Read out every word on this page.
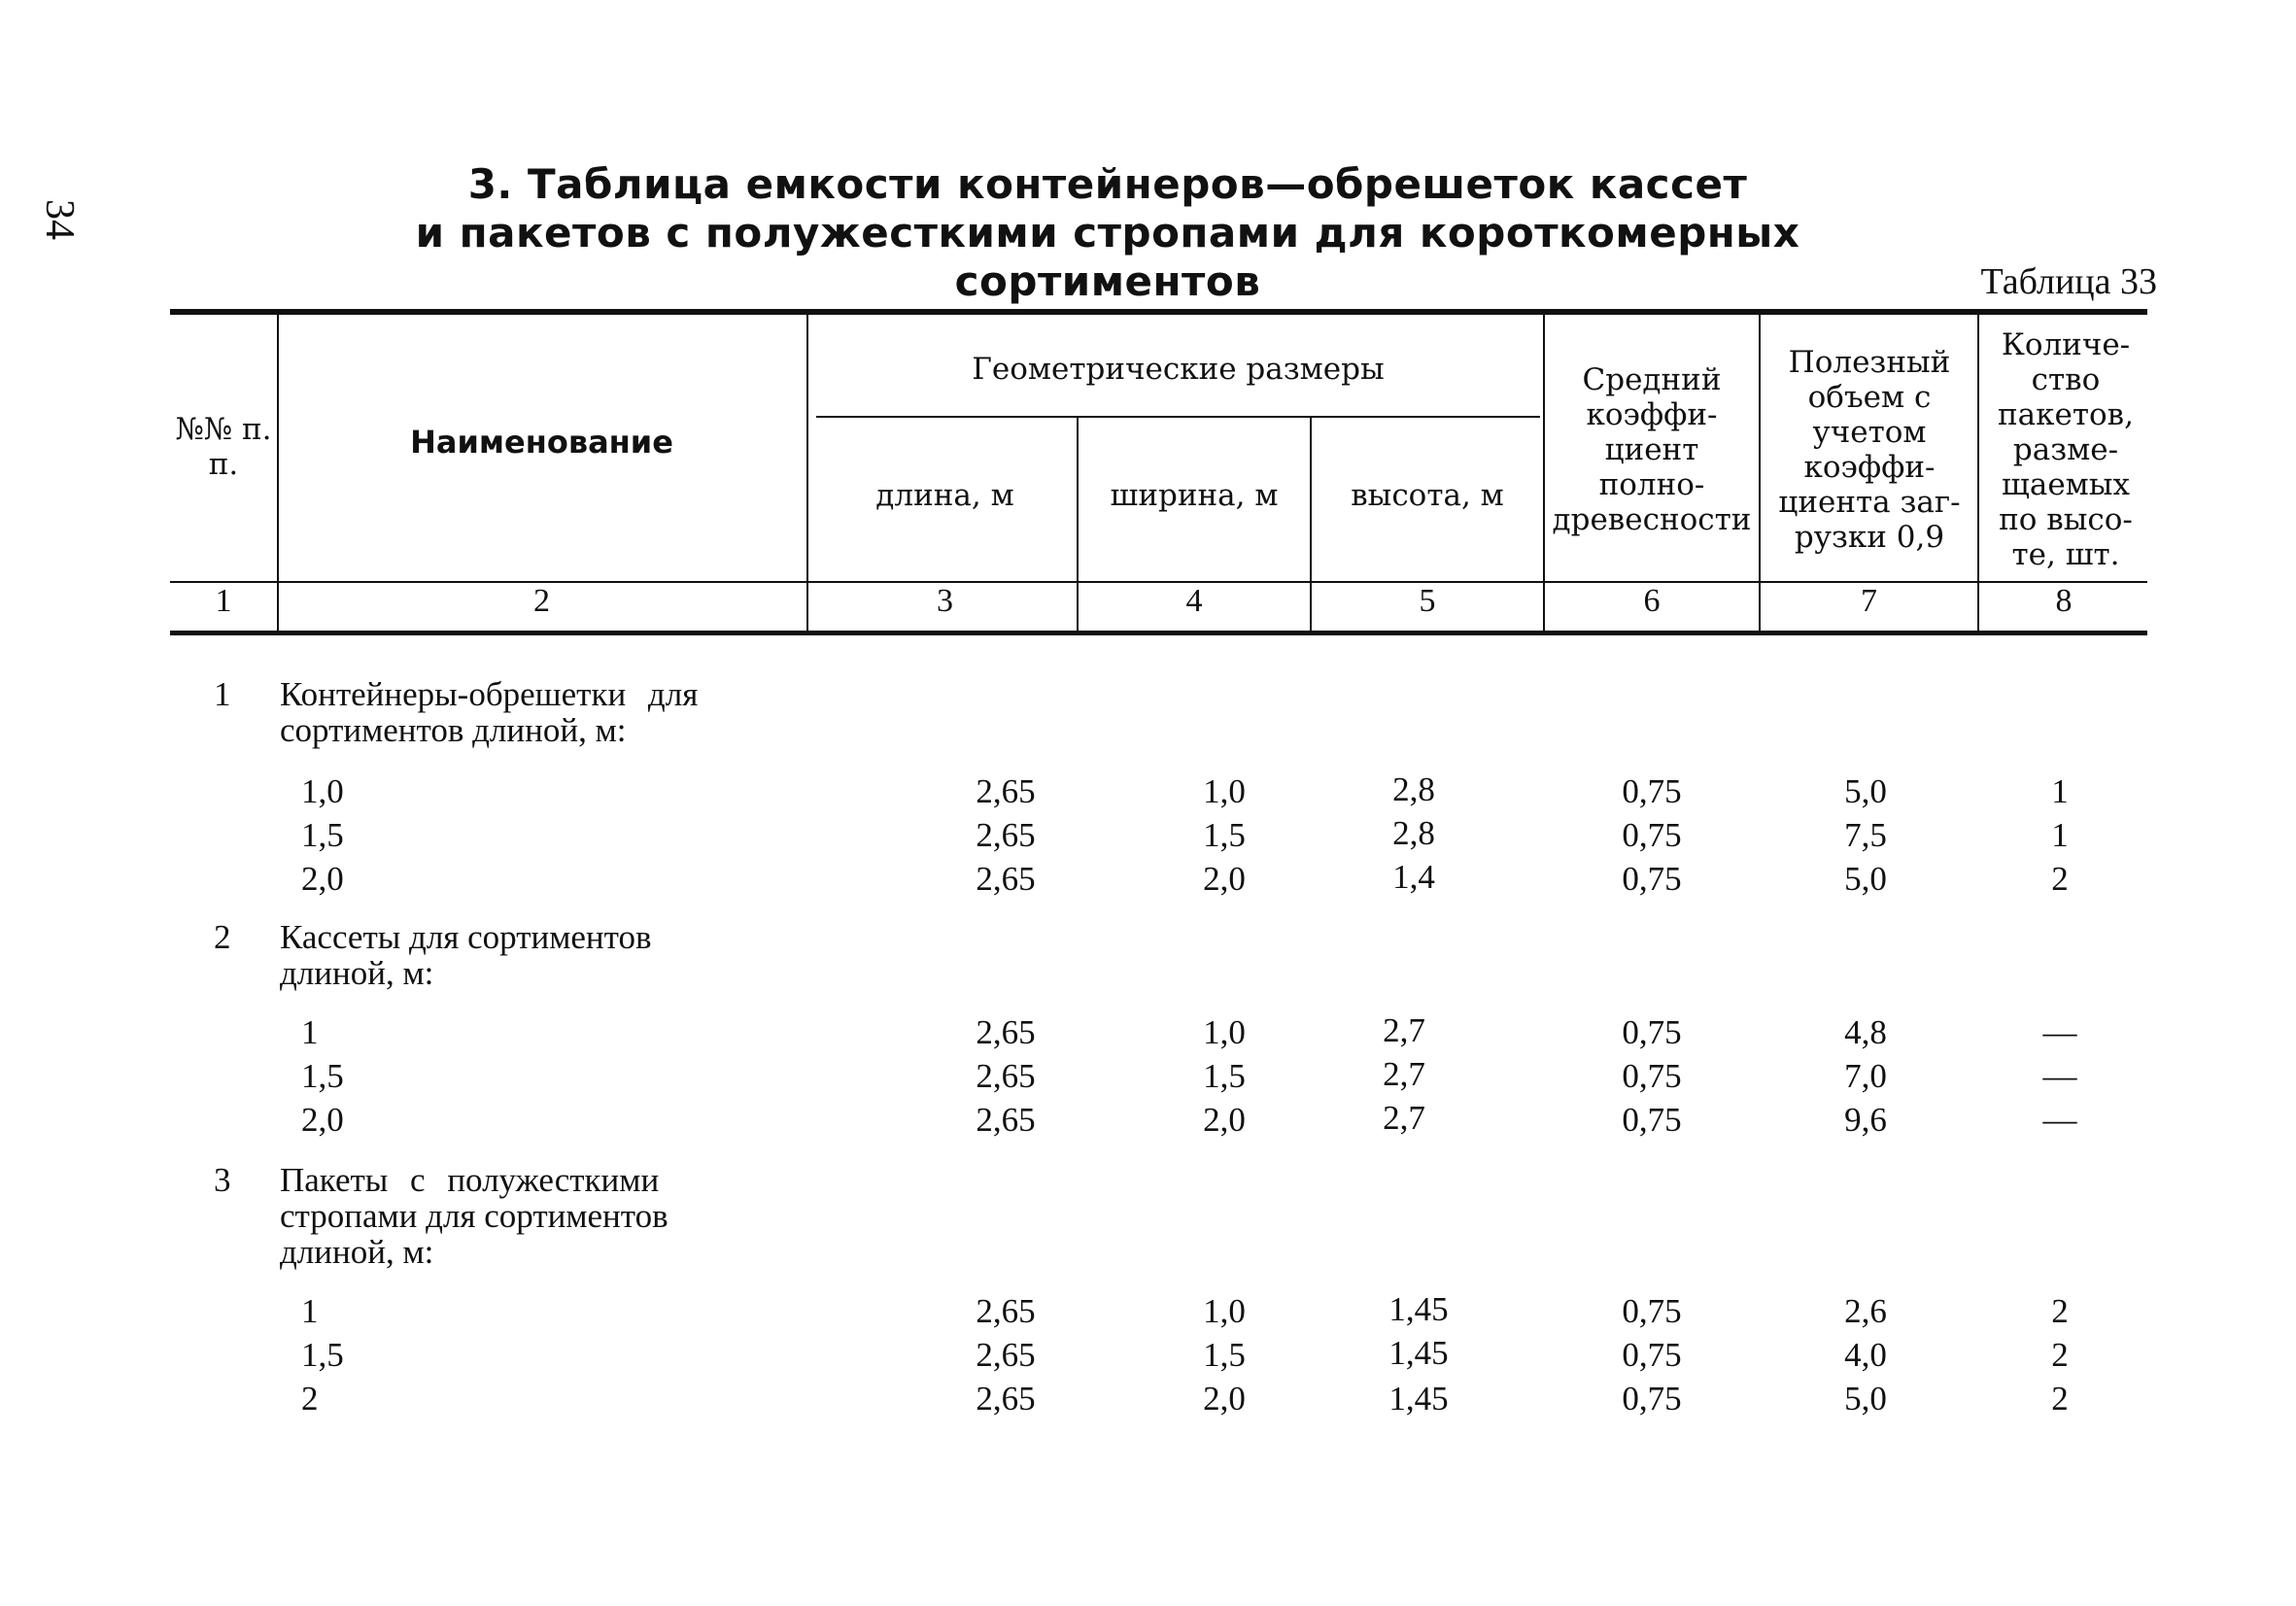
34
3. Таблица емкости контейнеров—обрешеток кассет
и пакетов с полужесткими стропами для короткомерных сортиментов	Таблица 33
№№ п. п.
Наименование
Геометрические размеры
длина, м	ширина, м	высота, м
Средний коэффи-циент полно-древесности
Полезный объем с учетом коэффи-циента заг-рузки 0,9
Количе-ство пакетов, разме-щаемых по высо-те, шт.
1	2	3	4	5	6	7	8
1 Контейнеры-обрешетки для
сортиментов длиной, м:
1,0	2,65	1,0	2,8	0,75	5,0	1
1,5	2,65	1,5	2,8	0,75	7,5	1
2,0	2,65	2,0	1,4	0,75	5,0	2
2 Кассеты для сортиментов
длиной, м:
1	2,65	1,0	2,7	0,75	4,8	—
1,5	2,65	1,5	2,7	0,75	7,0	—
2,0	2,65	2,0	2,7	0,75	9,6	—
3 Пакеты с полужесткими
стропами для сортиментов
длиной, м:
1	2,65	1,0	1,45	0,75	2,6	2
1,5	2,65	1,5	1,45	0,75	4,0	2
2	2,65	2,0	1,45	0,75	5,0	2
